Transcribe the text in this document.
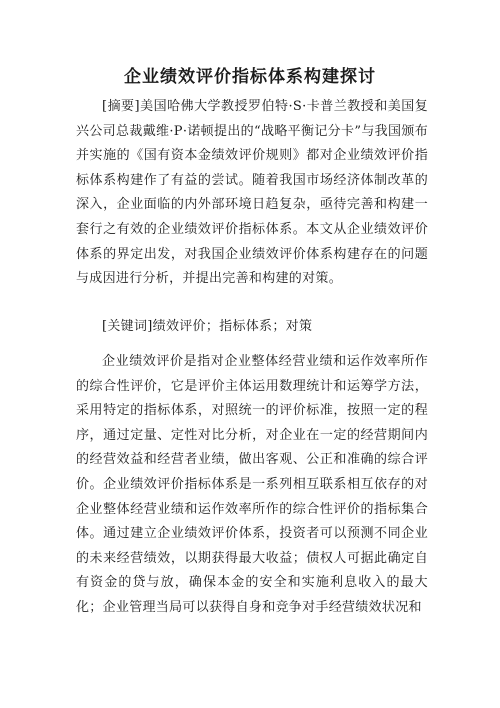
企业绩效评价指标体系构建探讨

[摘要]美国哈佛大学教授罗伯特·S·卡普兰教授和美国复兴公司总裁戴维·P·诺顿提出的“战略平衡记分卡”与我国颁布并实施的《国有资本金绩效评价规则》都对企业绩效评价指标体系构建作了有益的尝试。随着我国市场经济体制改革的深入，企业面临的内外部环境日趋复杂，亟待完善和构建一套行之有效的企业绩效评价指标体系。本文从企业绩效评价体系的界定出发，对我国企业绩效评价体系构建存在的问题与成因进行分析，并提出完善和构建的对策。

[关键词]绩效评价；指标体系；对策

企业绩效评价是指对企业整体经营业绩和运作效率所作的综合性评价，它是评价主体运用数理统计和运筹学方法，采用特定的指标体系，对照统一的评价标准，按照一定的程序，通过定量、定性对比分析，对企业在一定的经营期间内的经营效益和经营者业绩，做出客观、公正和准确的综合评价。企业绩效评价指标体系是一系列相互联系相互依存的对企业整体经营业绩和运作效率所作的综合性评价的指标集合体。通过建立企业绩效评价体系，投资者可以预测不同企业的未来经营绩效，以期获得最大收益；债权人可据此确定自有资金的贷与放，确保本金的安全和实施利息收入的最大化；企业管理当局可以获得自身和竞争对手经营绩效状况和
